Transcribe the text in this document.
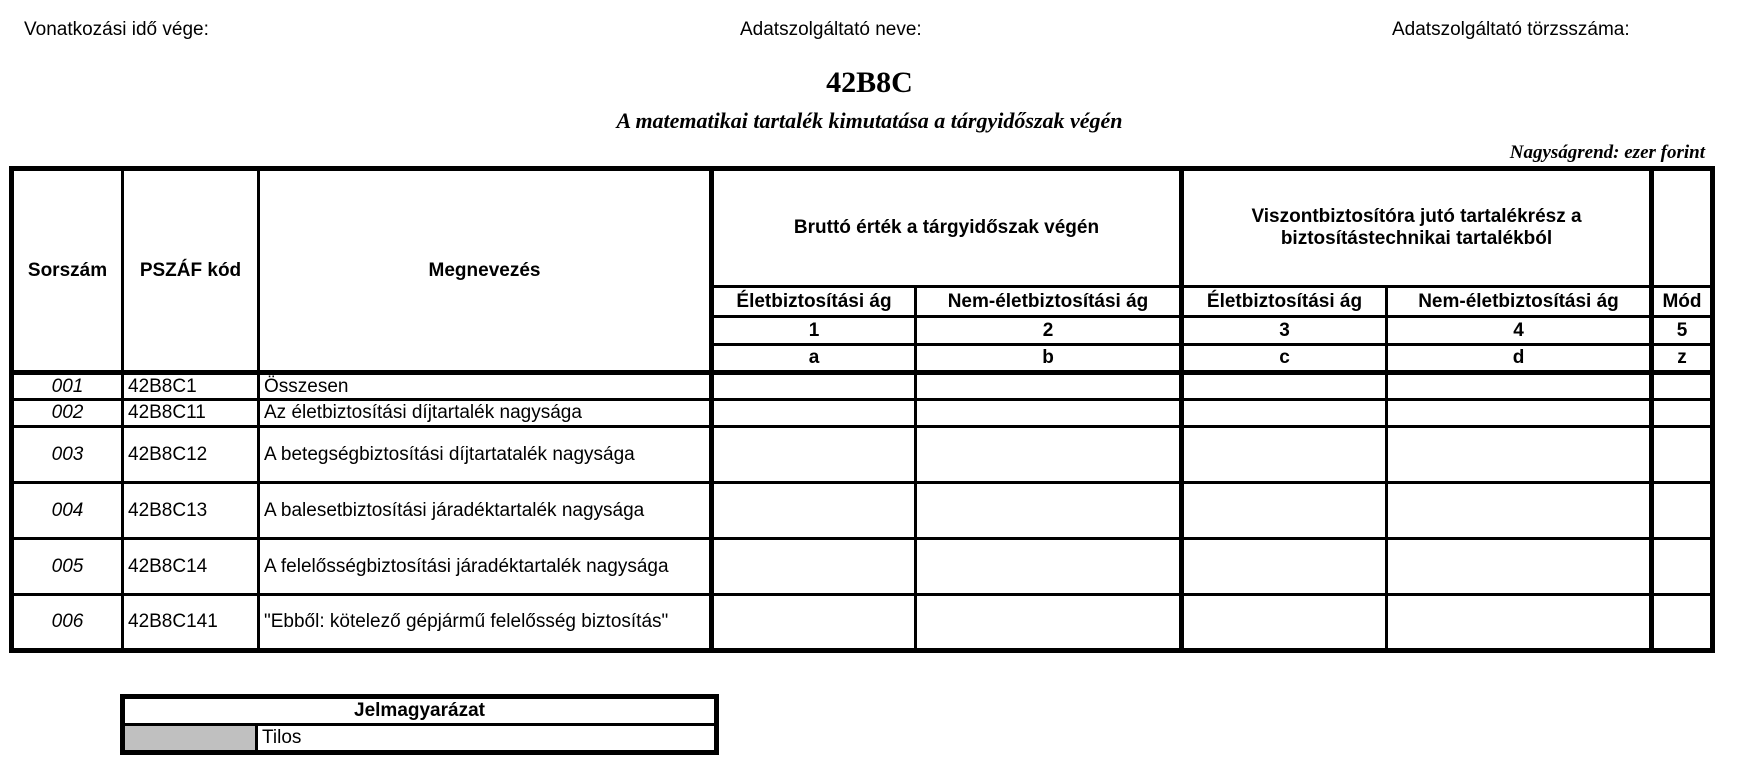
Vonatkozási idő vége:	Adatszolgáltató neve:	Adatszolgáltató törzsszáma:
42B8C
A matematikai tartalék kimutatása a tárgyidőszak végén
Nagyságrend: ezer forint
Sorszám	PSZÁF kód	Megnevezés	Bruttó érték a tárgyidőszak végén		Viszontbiztosítóra jutó tartalékrész a biztosítástechnikai tartalékból		
			Életbiztosítási ág	Nem-életbiztosítási ág	Életbiztosítási ág	Nem-életbiztosítási ág	Mód
			1	2	3	4	5
			a	b	c	d	z
001	42B8C1	Összesen					
002	42B8C11	Az életbiztosítási díjtartalék nagysága					
003	42B8C12	A betegségbiztosítási díjtartatalék nagysága					
004	42B8C13	A balesetbiztosítási járadéktartalék nagysága					
005	42B8C14	A felelősségbiztosítási járadéktartalék nagysága					
006	42B8C141	"Ebből: kötelező gépjármű felelősség biztosítás"					
Jelmagyarázat
	Tilos
